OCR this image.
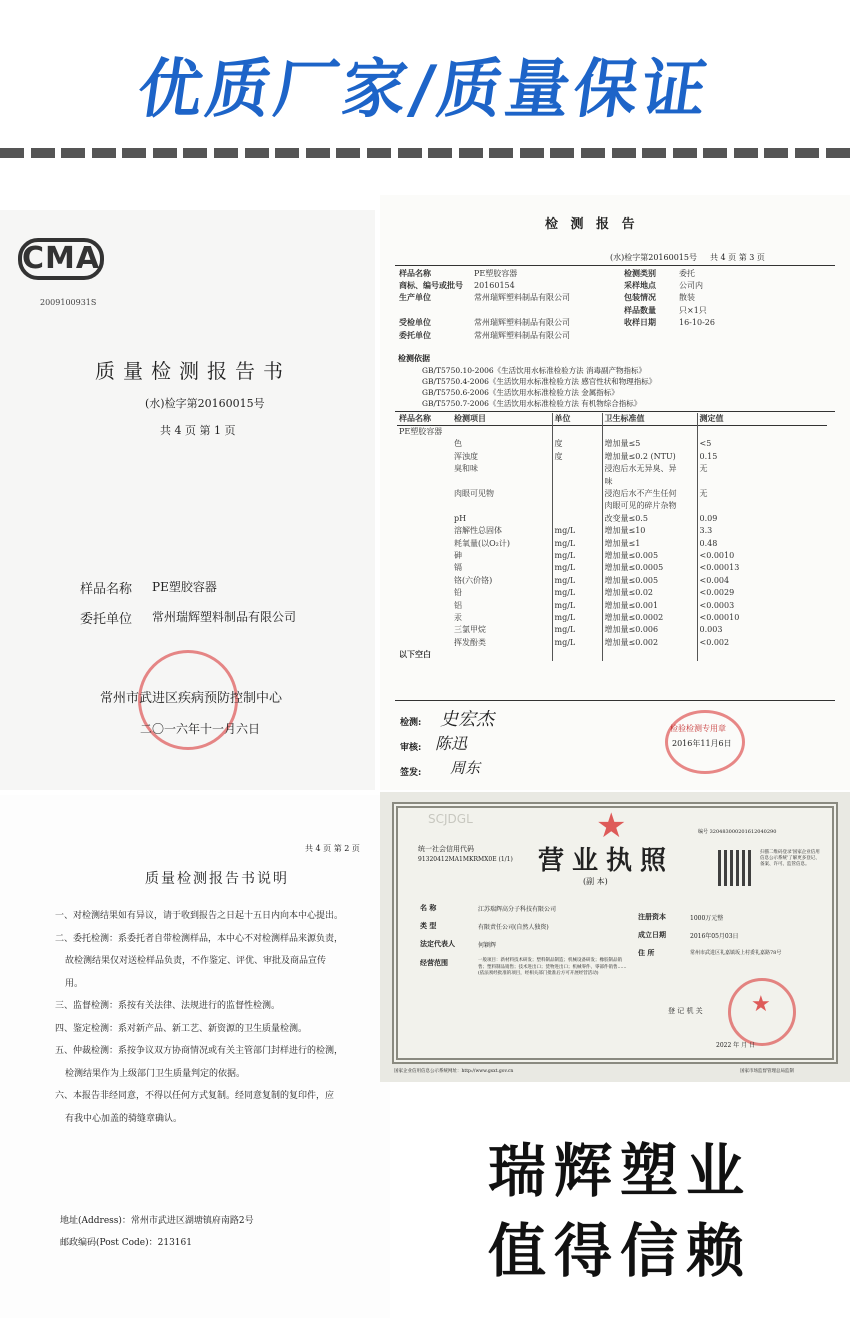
优质厂家/质量保证
CMA
2009100931S
质量检测报告书
(水)检字第20160015号
共 4 页 第 1 页
样品名称 PE塑胶容器
委托单位 常州瑞辉塑料制品有限公司
常州市武进区疾病预防控制中心
二〇一六年十一月六日
检 测 报 告
(水)检字第20160015号 共 4 页 第 3 页
样品名称	PE塑胶容器	检测类别	委托
商标、编号或批号	20160154	采样地点	公司内
生产单位	常州瑞辉塑料制品有限公司	包装情况	散装
		样品数量	只×1只
受检单位	常州瑞辉塑料制品有限公司	收样日期	16-10-26
委托单位	常州瑞辉塑料制品有限公司		
检测依据
GB/T5750.10-2006《生活饮用水标准检验方法 消毒副产物指标》
GB/T5750.4-2006《生活饮用水标准检验方法 感官性状和物理指标》
GB/T5750.6-2006《生活饮用水标准检验方法 金属指标》
GB/T5750.7-2006《生活饮用水标准检验方法 有机物综合指标》
样品名称	检测项目	单位	卫生标准值	测定值
PE塑胶容器				
	色	度	增加量≤5	<5
	浑浊度	度	增加量≤0.2 (NTU)	0.15
	臭和味		浸泡后水无异臭、异	无
			味	
	肉眼可见物		浸泡后水不产生任何	无
			肉眼可见的碎片杂物	
	pH		改变量≤0.5	0.09
	溶解性总固体	mg/L	增加量≤10	3.3
	耗氧量(以O₂计)	mg/L	增加量≤1	0.48
	砷	mg/L	增加量≤0.005	<0.0010
	镉	mg/L	增加量≤0.0005	<0.00013
	铬(六价铬)	mg/L	增加量≤0.005	<0.004
	铅	mg/L	增加量≤0.02	<0.0029
	铝	mg/L	增加量≤0.001	<0.0003
	汞	mg/L	增加量≤0.0002	<0.00010
	三氯甲烷	mg/L	增加量≤0.006	0.003
	挥发酚类	mg/L	增加量≤0.002	<0.002
以下空白				
检测: 史宏杰
审核: 陈迅
签发: 周东
检验检测专用章
2016年11月6日
共 4 页 第 2 页
质量检测报告书说明
一、对检测结果如有异议，请于收到报告之日起十五日内向本中心提出。
二、委托检测：系委托者自带检测样品，本中心不对检测样品来源负责，
故检测结果仅对送检样品负责，不作鉴定、评优、审批及商品宣传
用。
三、监督检测：系按有关法律、法规进行的监督性检测。
四、鉴定检测：系对新产品、新工艺、新资源的卫生质量检测。
五、仲裁检测：系按争议双方协商情况或有关主管部门封样进行的检测，
检测结果作为上级部门卫生质量判定的依据。
六、本报告非经同意，不得以任何方式复制。经同意复制的复印件，应
有我中心加盖的骑缝章确认。
地址(Address)：常州市武进区湖塘镇府南路2号
邮政编码(Post Code)：213161
SCJDGL	★
统一社会信用代码
91320412MA1MKRMX0E (1/1) 营业执照
(副 本)
编号 320483000201612040290
扫描二维码登录'国家企业信用信息公示系统'了解更多登记、备案、许可、监管信息。
名 称	江苏瑞辉高分子科技有限公司
类 型	有限责任公司(自然人独资)
法定代表人	何颖辉
经营范围	一般项目：新材料技术研发；塑料制品制造；机械设备研发；橡胶制品销售；塑料制品销售；技术进出口；货物进出口；机械零件、零部件销售……(依法须经批准的项目，经相关部门批准后方可开展经营活动)
注册资本	1000万元整
成立日期	2016年05月03日
住 所	常州市武进区礼嘉镇坂上村委礼嘉路78号
登 记 机 关 ★
2022 年 月 日
国家企业信用信息公示系统网址：http://www.gsxt.gov.cn	国家市场监督管理总局监制
瑞辉塑业
值得信赖
